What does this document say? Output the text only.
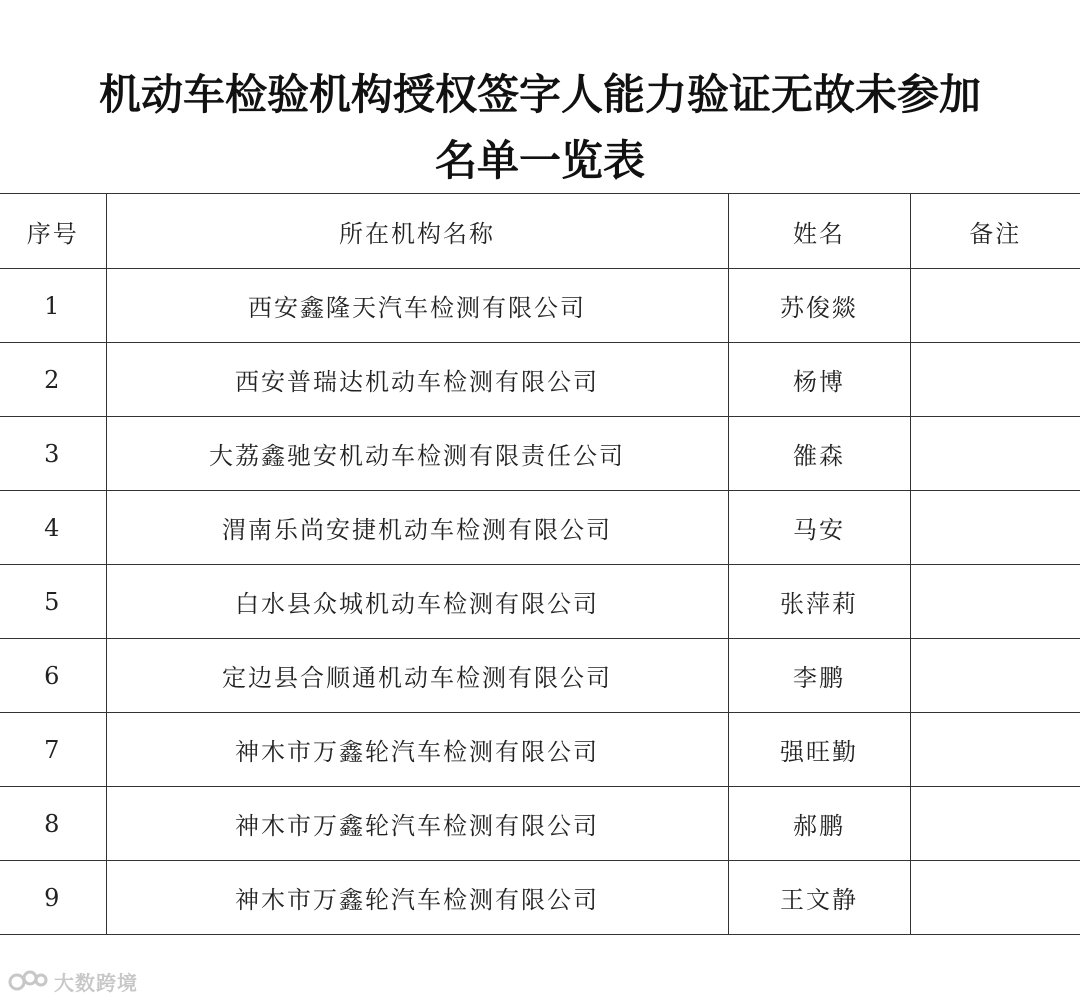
机动车检验机构授权签字人能力验证无故未参加
名单一览表
序号	所在机构名称	姓名	备注
1	西安鑫隆天汽车检测有限公司	苏俊燚	
2	西安普瑞达机动车检测有限公司	杨博	
3	大荔鑫驰安机动车检测有限责任公司	雒森	
4	渭南乐尚安捷机动车检测有限公司	马安	
5	白水县众城机动车检测有限公司	张萍莉	
6	定边县合顺通机动车检测有限公司	李鹏	
7	神木市万鑫轮汽车检测有限公司	强旺勤	
8	神木市万鑫轮汽车检测有限公司	郝鹏	
9	神木市万鑫轮汽车检测有限公司	王文静	
大数跨境
